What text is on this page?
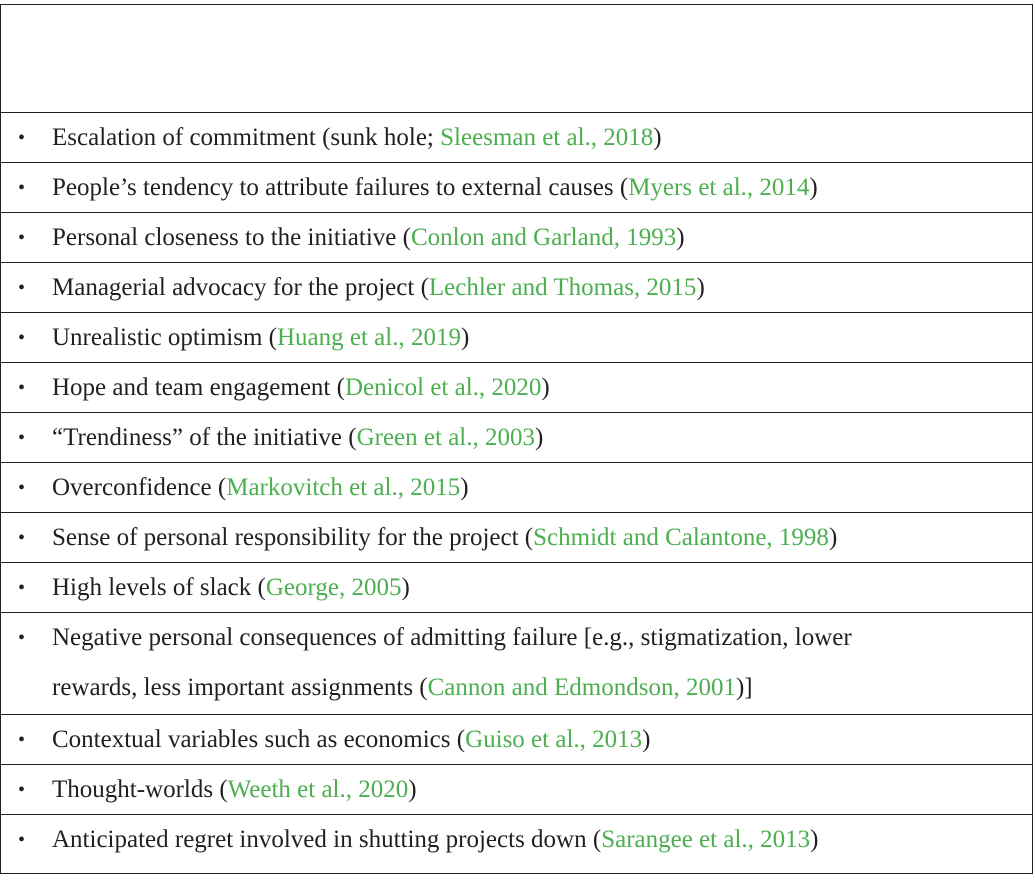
• Escalation of commitment (sunk hole; Sleesman et al., 2018)
• People’s tendency to attribute failures to external causes (Myers et al., 2014)
• Personal closeness to the initiative (Conlon and Garland, 1993)
• Managerial advocacy for the project (Lechler and Thomas, 2015)
• Unrealistic optimism (Huang et al., 2019)
• Hope and team engagement (Denicol et al., 2020)
• “Trendiness” of the initiative (Green et al., 2003)
• Overconfidence (Markovitch et al., 2015)
• Sense of personal responsibility for the project (Schmidt and Calantone, 1998)
• High levels of slack (George, 2005)
• Negative personal consequences of admitting failure [e.g., stigmatization, lower
rewards, less important assignments (Cannon and Edmondson, 2001)]
• Contextual variables such as economics (Guiso et al., 2013)
• Thought-worlds (Weeth et al., 2020)
• Anticipated regret involved in shutting projects down (Sarangee et al., 2013)
